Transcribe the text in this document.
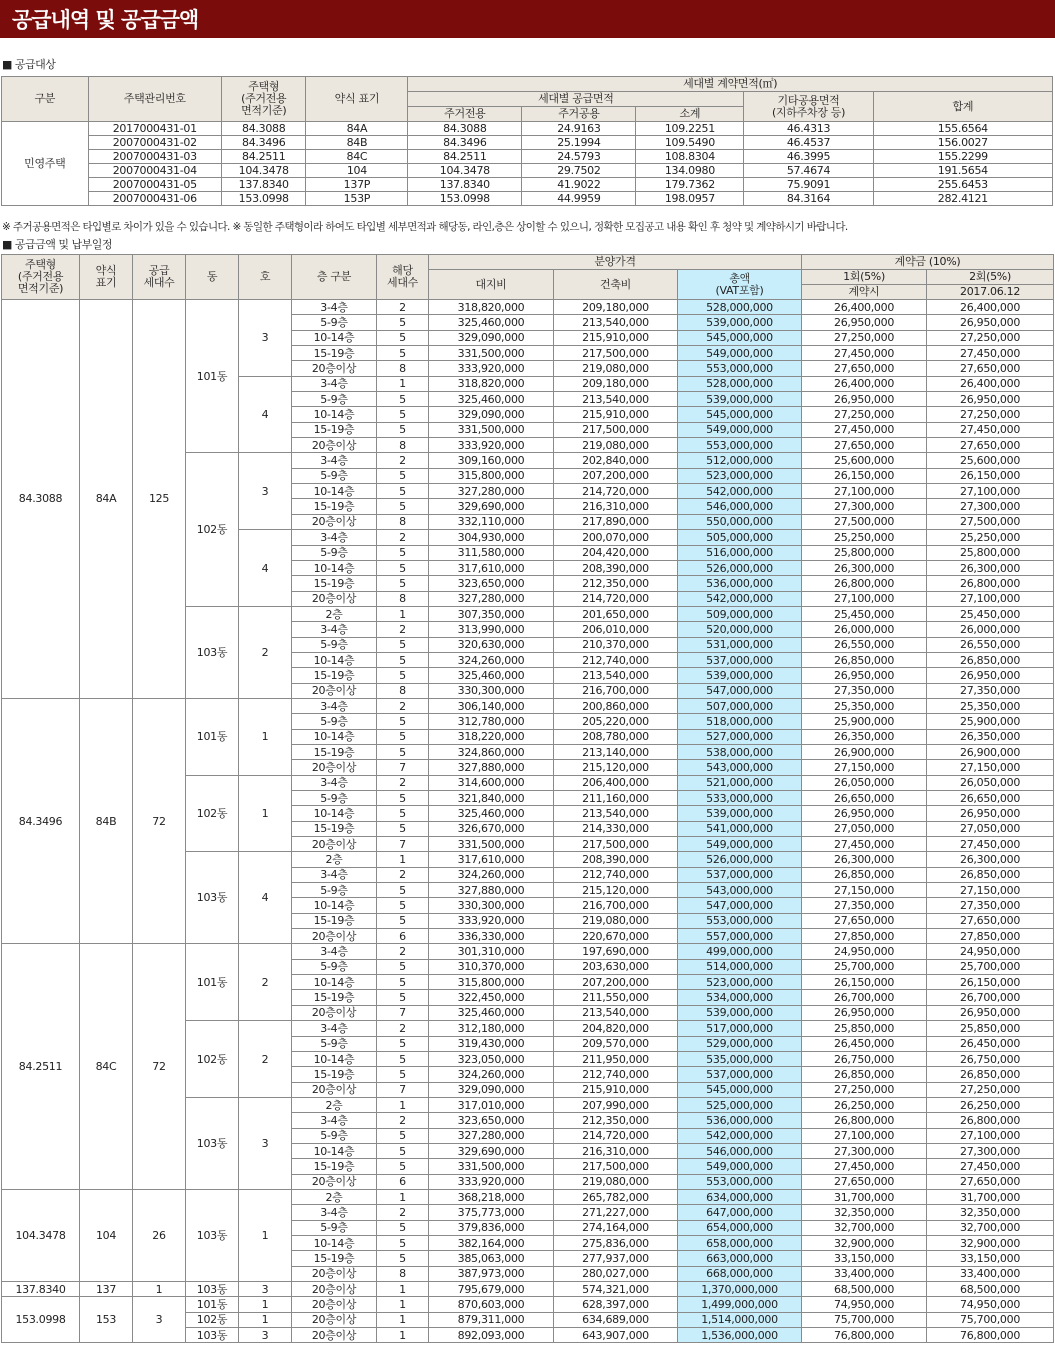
공급내역 및 공급금액
■ 공급대상
구분	주택관리번호	주택형
(주거전용
면적기준)	약식 표기	세대별 계약면적(㎡)				
				세대별 공급면적			기타공용면적
(지하주차장 등)	합계
				주거전용	주거공용	소계		
민영주택	2017000431-01	84.3088	84A	84.3088	24.9163	109.2251	46.4313	155.6564
	2007000431-02	84.3496	84B	84.3496	25.1994	109.5490	46.4537	156.0027
	2007000431-03	84.2511	84C	84.2511	24.5793	108.8304	46.3995	155.2299
	2007000431-04	104.3478	104	104.3478	29.7502	134.0980	57.4674	191.5654
	2007000431-05	137.8340	137P	137.8340	41.9022	179.7362	75.9091	255.6453
	2007000431-06	153.0998	153P	153.0998	44.9959	198.0957	84.3164	282.4121
※ 주거공용면적은 타입별로 차이가 있을 수 있습니다. ※ 동일한 주택형이라 하여도 타입별 세부면적과 해당동, 라인,층은 상이할 수 있으니, 정확한 모집공고 내용 확인 후 청약 및 계약하시기 바랍니다.
■ 공급금액 및 납부일정
주택형
(주거전용
면적기준)	약식
표기	공급
세대수	동	호	층 구분	해당
세대수	분양가격			계약금 (10%)	
							대지비	건축비	총액
(VAT포함)	1회(5%)	2회(5%)
										계약시	2017.06.12
84.3088	84A	125	101동	3	3-4층	2	318,820,000	209,180,000	528,000,000	26,400,000	26,400,000
					5-9층	5	325,460,000	213,540,000	539,000,000	26,950,000	26,950,000
					10-14층	5	329,090,000	215,910,000	545,000,000	27,250,000	27,250,000
					15-19층	5	331,500,000	217,500,000	549,000,000	27,450,000	27,450,000
					20층이상	8	333,920,000	219,080,000	553,000,000	27,650,000	27,650,000
				4	3-4층	1	318,820,000	209,180,000	528,000,000	26,400,000	26,400,000
					5-9층	5	325,460,000	213,540,000	539,000,000	26,950,000	26,950,000
					10-14층	5	329,090,000	215,910,000	545,000,000	27,250,000	27,250,000
					15-19층	5	331,500,000	217,500,000	549,000,000	27,450,000	27,450,000
					20층이상	8	333,920,000	219,080,000	553,000,000	27,650,000	27,650,000
			102동	3	3-4층	2	309,160,000	202,840,000	512,000,000	25,600,000	25,600,000
					5-9층	5	315,800,000	207,200,000	523,000,000	26,150,000	26,150,000
					10-14층	5	327,280,000	214,720,000	542,000,000	27,100,000	27,100,000
					15-19층	5	329,690,000	216,310,000	546,000,000	27,300,000	27,300,000
					20층이상	8	332,110,000	217,890,000	550,000,000	27,500,000	27,500,000
				4	3-4층	2	304,930,000	200,070,000	505,000,000	25,250,000	25,250,000
					5-9층	5	311,580,000	204,420,000	516,000,000	25,800,000	25,800,000
					10-14층	5	317,610,000	208,390,000	526,000,000	26,300,000	26,300,000
					15-19층	5	323,650,000	212,350,000	536,000,000	26,800,000	26,800,000
					20층이상	8	327,280,000	214,720,000	542,000,000	27,100,000	27,100,000
			103동	2	2층	1	307,350,000	201,650,000	509,000,000	25,450,000	25,450,000
					3-4층	2	313,990,000	206,010,000	520,000,000	26,000,000	26,000,000
					5-9층	5	320,630,000	210,370,000	531,000,000	26,550,000	26,550,000
					10-14층	5	324,260,000	212,740,000	537,000,000	26,850,000	26,850,000
					15-19층	5	325,460,000	213,540,000	539,000,000	26,950,000	26,950,000
					20층이상	8	330,300,000	216,700,000	547,000,000	27,350,000	27,350,000
84.3496	84B	72	101동	1	3-4층	2	306,140,000	200,860,000	507,000,000	25,350,000	25,350,000
					5-9층	5	312,780,000	205,220,000	518,000,000	25,900,000	25,900,000
					10-14층	5	318,220,000	208,780,000	527,000,000	26,350,000	26,350,000
					15-19층	5	324,860,000	213,140,000	538,000,000	26,900,000	26,900,000
					20층이상	7	327,880,000	215,120,000	543,000,000	27,150,000	27,150,000
			102동	1	3-4층	2	314,600,000	206,400,000	521,000,000	26,050,000	26,050,000
					5-9층	5	321,840,000	211,160,000	533,000,000	26,650,000	26,650,000
					10-14층	5	325,460,000	213,540,000	539,000,000	26,950,000	26,950,000
					15-19층	5	326,670,000	214,330,000	541,000,000	27,050,000	27,050,000
					20층이상	7	331,500,000	217,500,000	549,000,000	27,450,000	27,450,000
			103동	4	2층	1	317,610,000	208,390,000	526,000,000	26,300,000	26,300,000
					3-4층	2	324,260,000	212,740,000	537,000,000	26,850,000	26,850,000
					5-9층	5	327,880,000	215,120,000	543,000,000	27,150,000	27,150,000
					10-14층	5	330,300,000	216,700,000	547,000,000	27,350,000	27,350,000
					15-19층	5	333,920,000	219,080,000	553,000,000	27,650,000	27,650,000
					20층이상	6	336,330,000	220,670,000	557,000,000	27,850,000	27,850,000
84.2511	84C	72	101동	2	3-4층	2	301,310,000	197,690,000	499,000,000	24,950,000	24,950,000
					5-9층	5	310,370,000	203,630,000	514,000,000	25,700,000	25,700,000
					10-14층	5	315,800,000	207,200,000	523,000,000	26,150,000	26,150,000
					15-19층	5	322,450,000	211,550,000	534,000,000	26,700,000	26,700,000
					20층이상	7	325,460,000	213,540,000	539,000,000	26,950,000	26,950,000
			102동	2	3-4층	2	312,180,000	204,820,000	517,000,000	25,850,000	25,850,000
					5-9층	5	319,430,000	209,570,000	529,000,000	26,450,000	26,450,000
					10-14층	5	323,050,000	211,950,000	535,000,000	26,750,000	26,750,000
					15-19층	5	324,260,000	212,740,000	537,000,000	26,850,000	26,850,000
					20층이상	7	329,090,000	215,910,000	545,000,000	27,250,000	27,250,000
			103동	3	2층	1	317,010,000	207,990,000	525,000,000	26,250,000	26,250,000
					3-4층	2	323,650,000	212,350,000	536,000,000	26,800,000	26,800,000
					5-9층	5	327,280,000	214,720,000	542,000,000	27,100,000	27,100,000
					10-14층	5	329,690,000	216,310,000	546,000,000	27,300,000	27,300,000
					15-19층	5	331,500,000	217,500,000	549,000,000	27,450,000	27,450,000
					20층이상	6	333,920,000	219,080,000	553,000,000	27,650,000	27,650,000
104.3478	104	26	103동	1	2층	1	368,218,000	265,782,000	634,000,000	31,700,000	31,700,000
					3-4층	2	375,773,000	271,227,000	647,000,000	32,350,000	32,350,000
					5-9층	5	379,836,000	274,164,000	654,000,000	32,700,000	32,700,000
					10-14층	5	382,164,000	275,836,000	658,000,000	32,900,000	32,900,000
					15-19층	5	385,063,000	277,937,000	663,000,000	33,150,000	33,150,000
					20층이상	8	387,973,000	280,027,000	668,000,000	33,400,000	33,400,000
137.8340	137	1	103동	3	20층이상	1	795,679,000	574,321,000	1,370,000,000	68,500,000	68,500,000
153.0998	153	3	101동	1	20층이상	1	870,603,000	628,397,000	1,499,000,000	74,950,000	74,950,000
			102동	1	20층이상	1	879,311,000	634,689,000	1,514,000,000	75,700,000	75,700,000
			103동	3	20층이상	1	892,093,000	643,907,000	1,536,000,000	76,800,000	76,800,000
